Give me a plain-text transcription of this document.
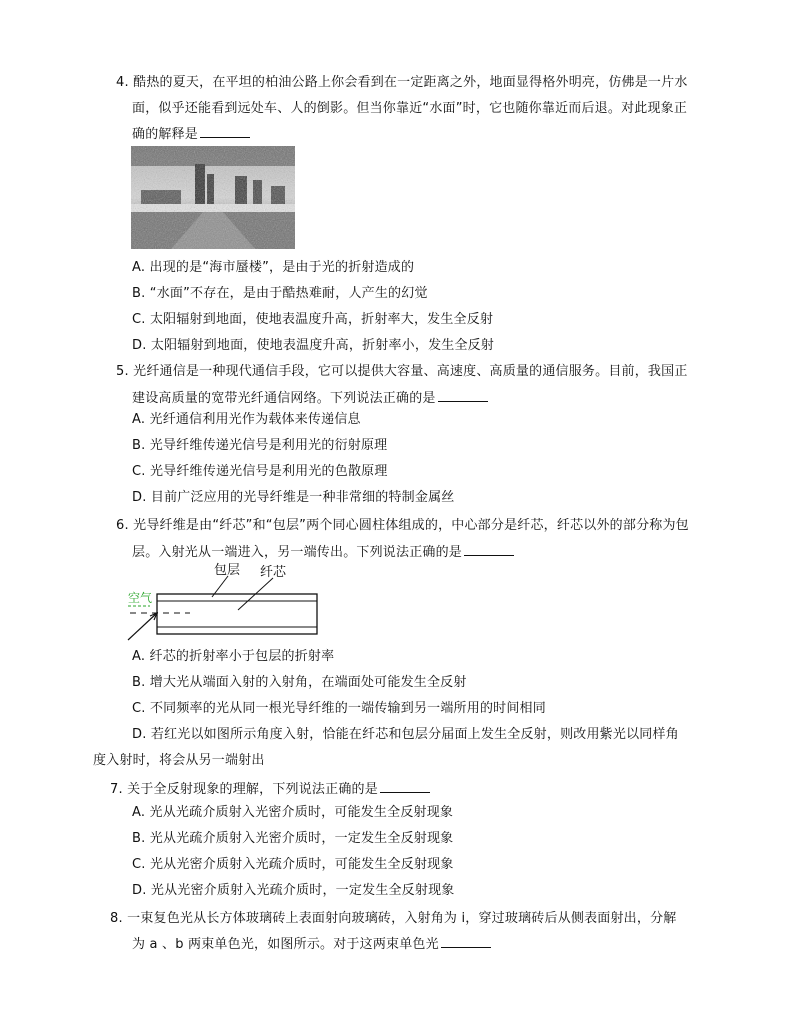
4. 酷热的夏天，在平坦的柏油公路上你会看到在一定距离之外，地面显得格外明亮，仿佛是一片水
面，似乎还能看到远处车、人的倒影。但当你靠近“水面”时，它也随你靠近而后退。对此现象正
确的解释是
A. 出现的是“海市蜃楼”，是由于光的折射造成的
B. “水面”不存在，是由于酷热难耐，人产生的幻觉
C. 太阳辐射到地面，使地表温度升高，折射率大，发生全反射
D. 太阳辐射到地面，使地表温度升高，折射率小，发生全反射
5. 光纤通信是一种现代通信手段，它可以提供大容量、高速度、高质量的通信服务。目前，我国正
建设高质量的宽带光纤通信网络。下列说法正确的是
A. 光纤通信利用光作为载体来传递信息
B. 光导纤维传递光信号是利用光的衍射原理
C. 光导纤维传递光信号是利用光的色散原理
D. 目前广泛应用的光导纤维是一种非常细的特制金属丝
6. 光导纤维是由“纤芯”和“包层”两个同心圆柱体组成的，中心部分是纤芯，纤芯以外的部分称为包
层。入射光从一端进入，另一端传出。下列说法正确的是
包层 纤芯
空气
A. 纤芯的折射率小于包层的折射率
B. 增大光从端面入射的入射角，在端面处可能发生全反射
C. 不同频率的光从同一根光导纤维的一端传输到另一端所用的时间相同
D. 若红光以如图所示角度入射，恰能在纤芯和包层分届面上发生全反射，则改用紫光以同样角
度入射时，将会从另一端射出
7. 关于全反射现象的理解，下列说法正确的是
A. 光从光疏介质射入光密介质时，可能发生全反射现象
B. 光从光疏介质射入光密介质时，一定发生全反射现象
C. 光从光密介质射入光疏介质时，可能发生全反射现象
D. 光从光密介质射入光疏介质时，一定发生全反射现象
8. 一束复色光从长方体玻璃砖上表面射向玻璃砖，入射角为 i，穿过玻璃砖后从侧表面射出，分解
为 a 、b 两束单色光，如图所示。对于这两束单色光
